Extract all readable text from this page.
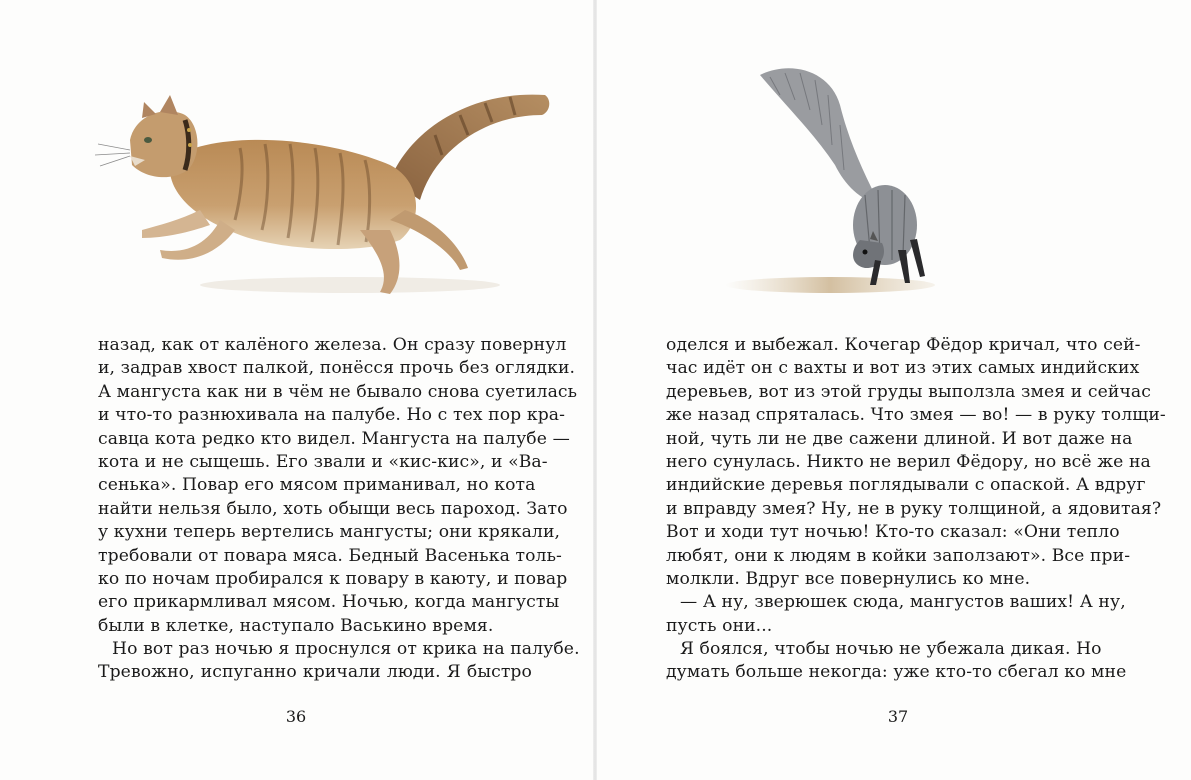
назад, как от калёного железа. Он сразу повернул
и, задрав хвост палкой, понёсся прочь без оглядки.
А мангуста как ни в чём не бывало снова суетилась
и что-то разнюхивала на палубе. Но с тех пор кра-
савца кота редко кто видел. Мангуста на палубе —
кота и не сыщешь. Его звали и «кис-кис», и «Ва-
сенька». Повар его мясом приманивал, но кота
найти нельзя было, хоть обыщи весь пароход. Зато
у кухни теперь вертелись мангусты; они крякали,
требовали от повара мяса. Бедный Васенька толь-
ко по ночам пробирался к повару в каюту, и повар
его прикармливал мясом. Ночью, когда мангусты
были в клетке, наступало Васькино время.
Но вот раз ночью я проснулся от крика на палубе.
Тревожно, испуганно кричали люди. Я быстро
оделся и выбежал. Кочегар Фёдор кричал, что сей-
час идёт он с вахты и вот из этих самых индийских
деревьев, вот из этой груды выползла змея и сейчас
же назад спряталась. Что змея — во! — в руку толщи-
ной, чуть ли не две сажени длиной. И вот даже на
него сунулась. Никто не верил Фёдору, но всё же на
индийские деревья поглядывали с опаской. А вдруг
и вправду змея? Ну, не в руку толщиной, а ядовитая?
Вот и ходи тут ночью! Кто-то сказал: «Они тепло
любят, они к людям в койки заползают». Все при-
молкли. Вдруг все повернулись ко мне.
— А ну, зверюшек сюда, мангустов ваших! А ну,
пусть они...
Я боялся, чтобы ночью не убежала дикая. Но
думать больше некогда: уже кто-то сбегал ко мне
36	37
